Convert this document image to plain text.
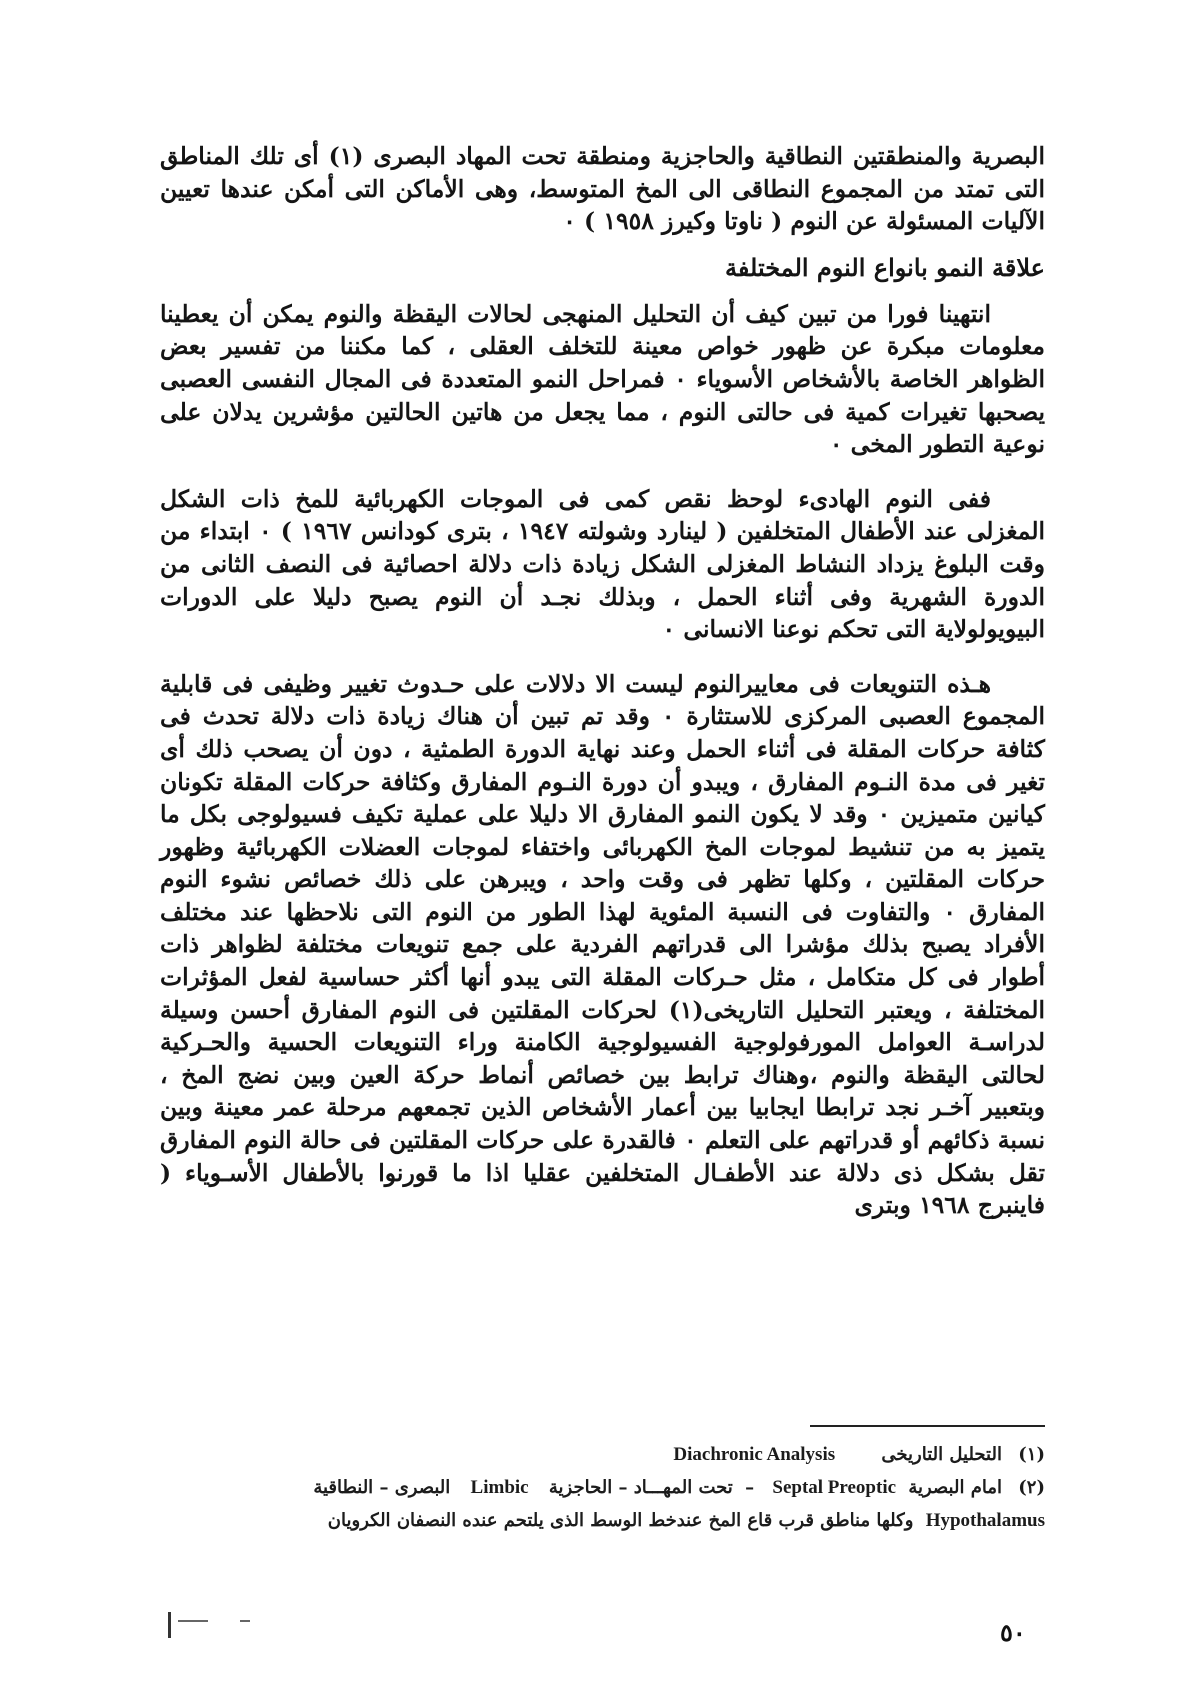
البصرية والمنطقتين النطاقية والحاجزية ومنطقة تحت المهاد البصرى (١) أى تلك المناطق التى تمتد من المجموع النطاقى الى المخ المتوسط، وهى الأماكن التى أمكن عندها تعيين الآليات المسئولة عن النوم ( ناوتا وكيرز ١٩٥٨ ) ٠

علاقة النمو بانواع النوم المختلفة

انتهينا فورا من تبين كيف أن التحليل المنهجى لحالات اليقظة والنوم يمكن أن يعطينا معلومات مبكرة عن ظهور خواص معينة للتخلف العقلى ، كما مكننا من تفسير بعض الظواهر الخاصة بالأشخاص الأسوياء ٠ فمراحل النمو المتعددة فى المجال النفسى العصبى يصحبها تغيرات كمية فى حالتى النوم ، مما يجعل من هاتين الحالتين مؤشرين يدلان على نوعية التطور المخى ٠

ففى النوم الهادىء لوحظ نقص كمى فى الموجات الكهربائية للمخ ذات الشكل المغزلى عند الأطفال المتخلفين ( لينارد وشولته ١٩٤٧ ، بترى كودانس ١٩٦٧ ) ٠ ابتداء من وقت البلوغ يزداد النشاط المغزلى الشكل زيادة ذات دلالة احصائية فى النصف الثانى من الدورة الشهرية وفى أثناء الحمل ، وبذلك نجـد أن النوم يصبح دليلا على الدورات البيويولولاية التى تحكم نوعنا الانسانى ٠

هـذه التنويعات فى معاييرالنوم ليست الا دلالات على حـدوث تغيير وظيفى فى قابلية المجموع العصبى المركزى للاستثارة ٠ وقد تم تبين أن هناك زيادة ذات دلالة تحدث فى كثافة حركات المقلة فى أثناء الحمل وعند نهاية الدورة الطمثية ، دون أن يصحب ذلك أى تغير فى مدة النـوم المفارق ، ويبدو أن دورة النـوم المفارق وكثافة حركات المقلة تكونان كيانين متميزين ٠ وقد لا يكون النمو المفارق الا دليلا على عملية تكيف فسيولوجى بكل ما يتميز به من تنشيط لموجات المخ الكهربائى واختفاء لموجات العضلات الكهربائية وظهور حركات المقلتين ، وكلها تظهر فى وقت واحد ، ويبرهن على ذلك خصائص نشوء النوم المفارق ٠ والتفاوت فى النسبة المئوية لهذا الطور من النوم التى نلاحظها عند مختلف الأفراد يصبح بذلك مؤشرا الى قدراتهم الفردية على جمع تنويعات مختلفة لظواهر ذات أطوار فى كل متكامل ، مثل حـركات المقلة التى يبدو أنها أكثر حساسية لفعل المؤثرات المختلفة ، ويعتبر التحليل التاريخى(١) لحركات المقلتين فى النوم المفارق أحسن وسيلة لدراسـة العوامل المورفولوجية الفسيولوجية الكامنة وراء التنويعات الحسية والحـركية لحالتى اليقظة والنوم ،وهناك ترابط بين خصائص أنماط حركة العين وبين نضج المخ ، وبتعبير آخـر نجد ترابطا ايجابيا بين أعمار الأشخاص الذين تجمعهم مرحلة عمر معينة وبين نسبة ذكائهم أو قدراتهم على التعلم ٠ فالقدرة على حركات المقلتين فى حالة النوم المفارق تقل بشكل ذى دلالة عند الأطفـال المتخلفين عقليا اذا ما قورنوا بالأطفال الأسـوياء ( فاينبرج ١٩٦٨ وبترى

(١) التحليل التاريخى Diachronic Analysis

(٢) امام البصرية Septal Preoptic – تحت المهـــاد – الحاجزية Limbic البصرى – النطاقية

Hypothalamus وكلها مناطق قرب قاع المخ عندخط الوسط الذى يلتحم عنده النصفان الكرويان

٥٠
